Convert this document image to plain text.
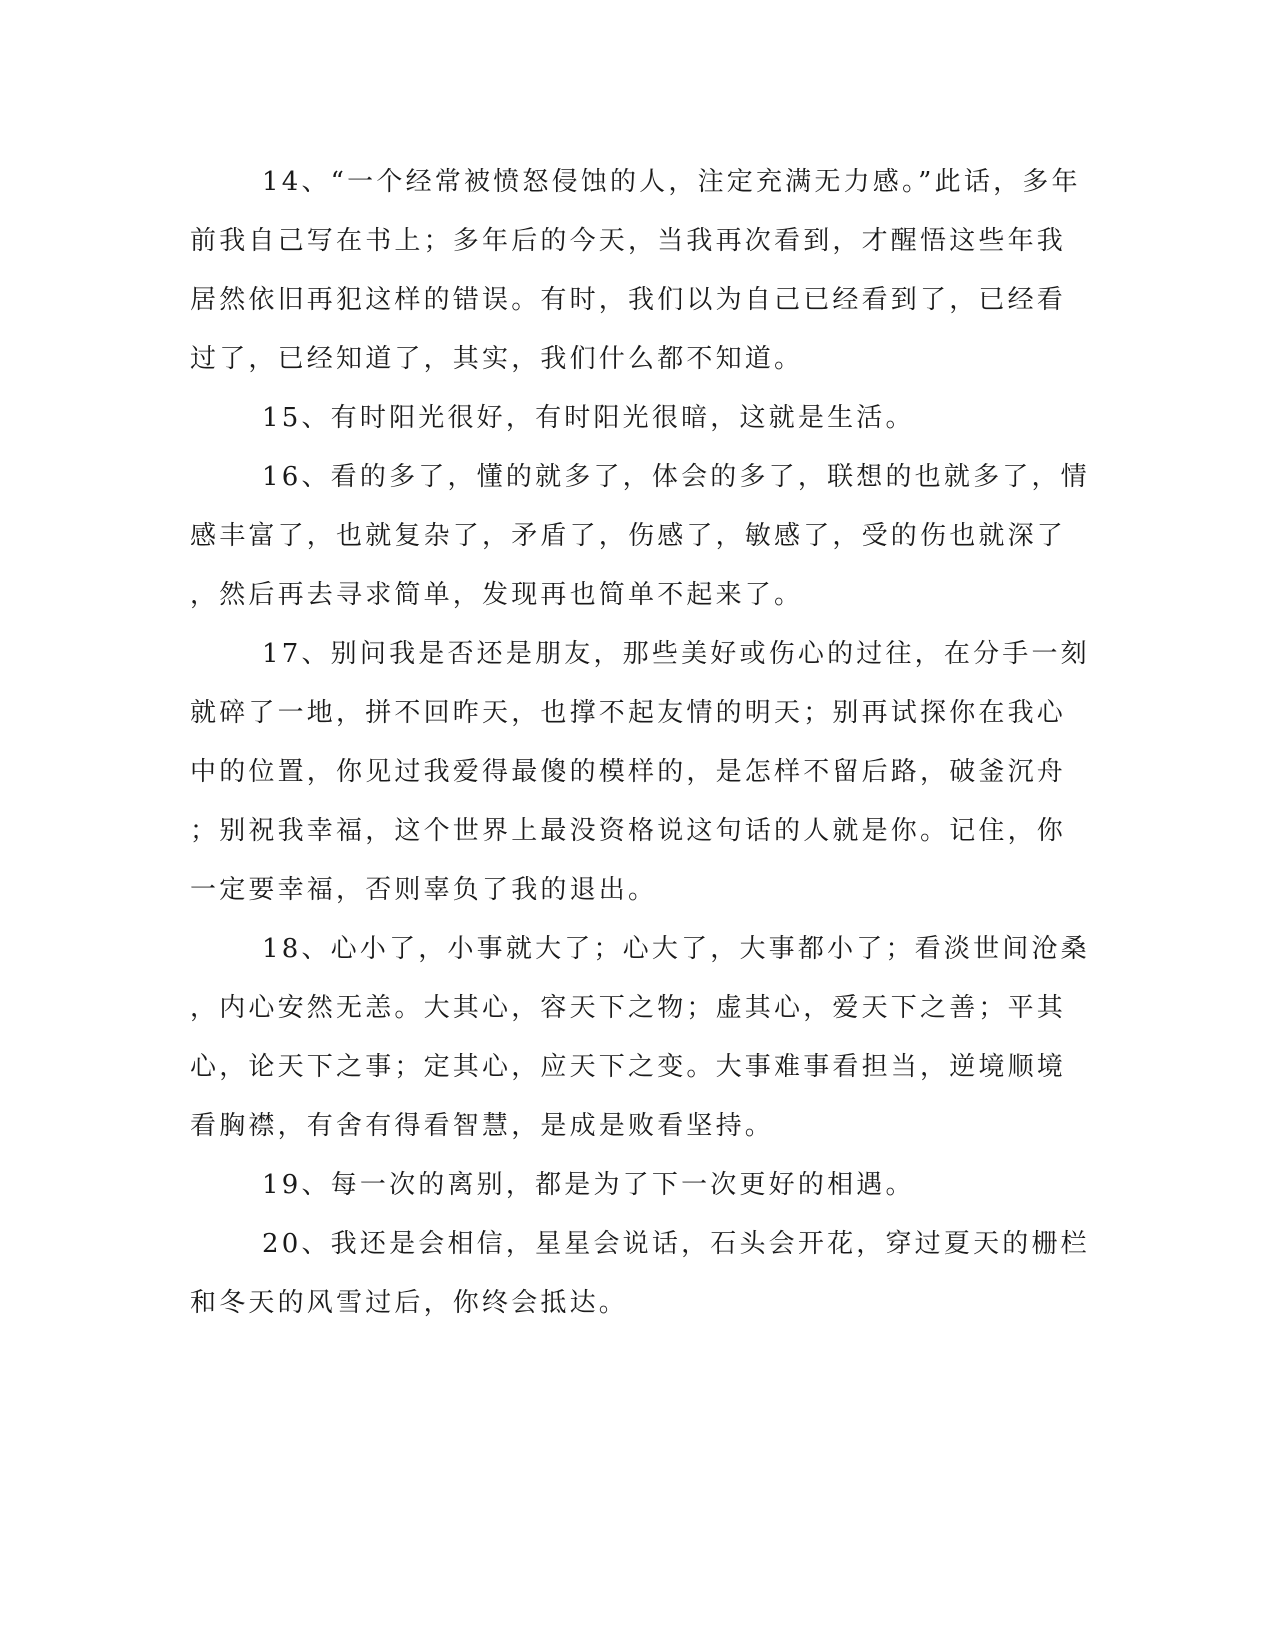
14、“一个经常被愤怒侵蚀的人，注定充满无力感。”此话，多年
前我自己写在书上；多年后的今天，当我再次看到，才醒悟这些年我
居然依旧再犯这样的错误。有时，我们以为自己已经看到了，已经看
过了，已经知道了，其实，我们什么都不知道。
15、有时阳光很好，有时阳光很暗，这就是生活。
16、看的多了，懂的就多了，体会的多了，联想的也就多了，情
感丰富了，也就复杂了，矛盾了，伤感了，敏感了，受的伤也就深了
，然后再去寻求简单，发现再也简单不起来了。
17、别问我是否还是朋友，那些美好或伤心的过往，在分手一刻
就碎了一地，拼不回昨天，也撑不起友情的明天；别再试探你在我心
中的位置，你见过我爱得最傻的模样的，是怎样不留后路，破釜沉舟
；别祝我幸福，这个世界上最没资格说这句话的人就是你。记住，你
一定要幸福，否则辜负了我的退出。
18、心小了，小事就大了；心大了，大事都小了；看淡世间沧桑
，内心安然无恙。大其心，容天下之物；虚其心，爱天下之善；平其
心，论天下之事；定其心，应天下之变。大事难事看担当，逆境顺境
看胸襟，有舍有得看智慧，是成是败看坚持。
19、每一次的离别，都是为了下一次更好的相遇。
20、我还是会相信，星星会说话，石头会开花，穿过夏天的栅栏
和冬天的风雪过后，你终会抵达。
